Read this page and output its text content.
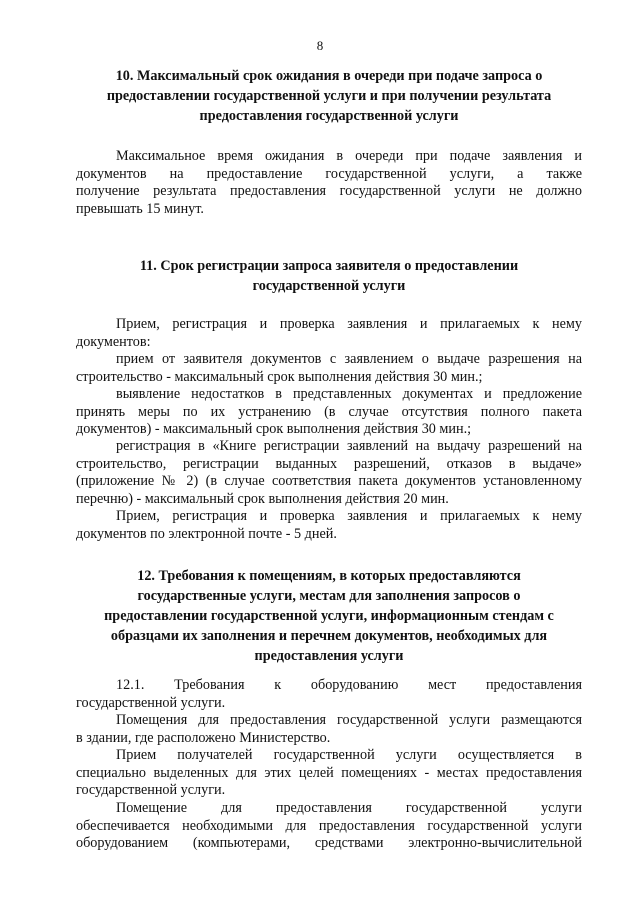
8
10. Максимальный срок ожидания в очереди при подаче запроса о
предоставлении государственной услуги и при получении результата
предоставления государственной услуги

Максимальное время ожидания в очереди при подаче заявления и
документов на предоставление государственной услуги, а также
получение результата предоставления государственной услуги не должно
превышать 15 минут.

11. Срок регистрации запроса заявителя о предоставлении
государственной услуги

Прием, регистрация и проверка заявления и прилагаемых к нему
документов:

прием от заявителя документов с заявлением о выдаче разрешения на
строительство - максимальный срок выполнения действия 30 мин.;

выявление недостатков в представленных документах и предложение
принять меры по их устранению (в случае отсутствия полного пакета
документов) - максимальный срок выполнения действия 30 мин.;

регистрация в «Книге регистрации заявлений на выдачу разрешений на
строительство, регистрации выданных разрешений, отказов в выдаче»
(приложение № 2) (в случае соответствия пакета документов установленному
перечню) - максимальный срок выполнения действия 20 мин.

Прием, регистрация и проверка заявления и прилагаемых к нему
документов по электронной почте - 5 дней.

12. Требования к помещениям, в которых предоставляются
государственные услуги, местам для заполнения запросов о
предоставлении государственной услуги, информационным стендам с
образцами их заполнения и перечнем документов, необходимых для
предоставления услуги

12.1. Требования к оборудованию мест предоставления
государственной услуги.

Помещения для предоставления государственной услуги размещаются
в здании, где расположено Министерство.

Прием получателей государственной услуги осуществляется в
специально выделенных для этих целей помещениях - местах предоставления
государственной услуги.

Помещение для предоставления государственной услуги
обеспечивается необходимыми для предоставления государственной услуги
оборудованием (компьютерами, средствами электронно-вычислительной
